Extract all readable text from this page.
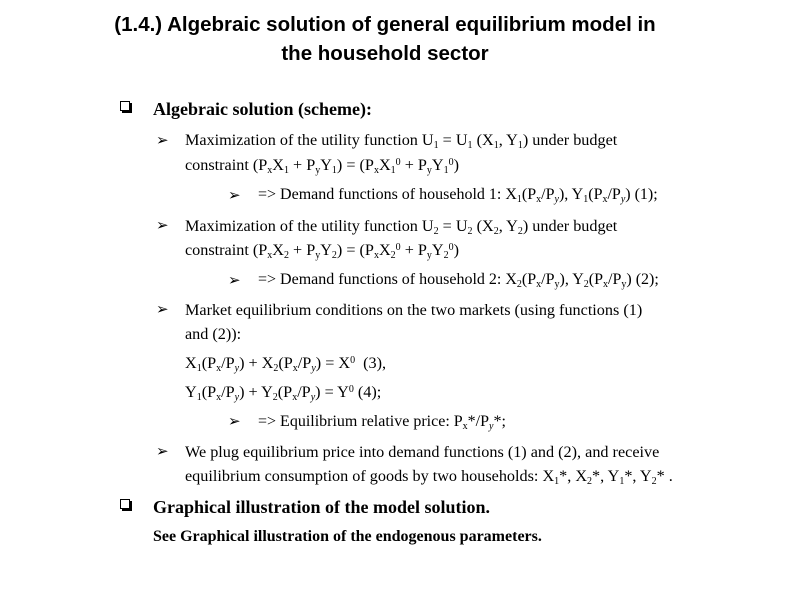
(1.4.) Algebraic solution of general equilibrium model in
the household sector
Algebraic solution (scheme):
➢ Maximization of the utility function $U_1 = U_1$ ($X_1$, $Y_1$) under budget
constraint $(P_xX_1 + P_yY_1) = (P_xX_1^0 + P_yY_1^0)$
➢ => Demand functions of household 1: $X_1(P_x/P_y)$, $Y_1(P_x/P_y)$ (1);
➢ Maximization of the utility function $U_2 = U_2$ ($X_2$, $Y_2$) under budget
constraint $(P_xX_2 + P_yY_2) = (P_xX_2^0 + P_yY_2^0)$
➢ => Demand functions of household 2: $X_2(P_x/P_y)$, $Y_2(P_x/P_y)$ (2);
➢ Market equilibrium conditions on the two markets (using functions (1)
and (2)):
$X_1(P_x/P_y) + X_2(P_x/P_y) = X^0$  (3),
$Y_1(P_x/P_y) + Y_2(P_x/P_y) = Y^0$ (4);
➢ => Equilibrium relative price: $P_x*/P_y*$;
➢ We plug equilibrium price into demand functions (1) and (2), and receive
equilibrium consumption of goods by two households: $X_1*$, $X_2*$, $Y_1*$, $Y_2*$ .
Graphical illustration of the model solution.
See Graphical illustration of the endogenous parameters.
